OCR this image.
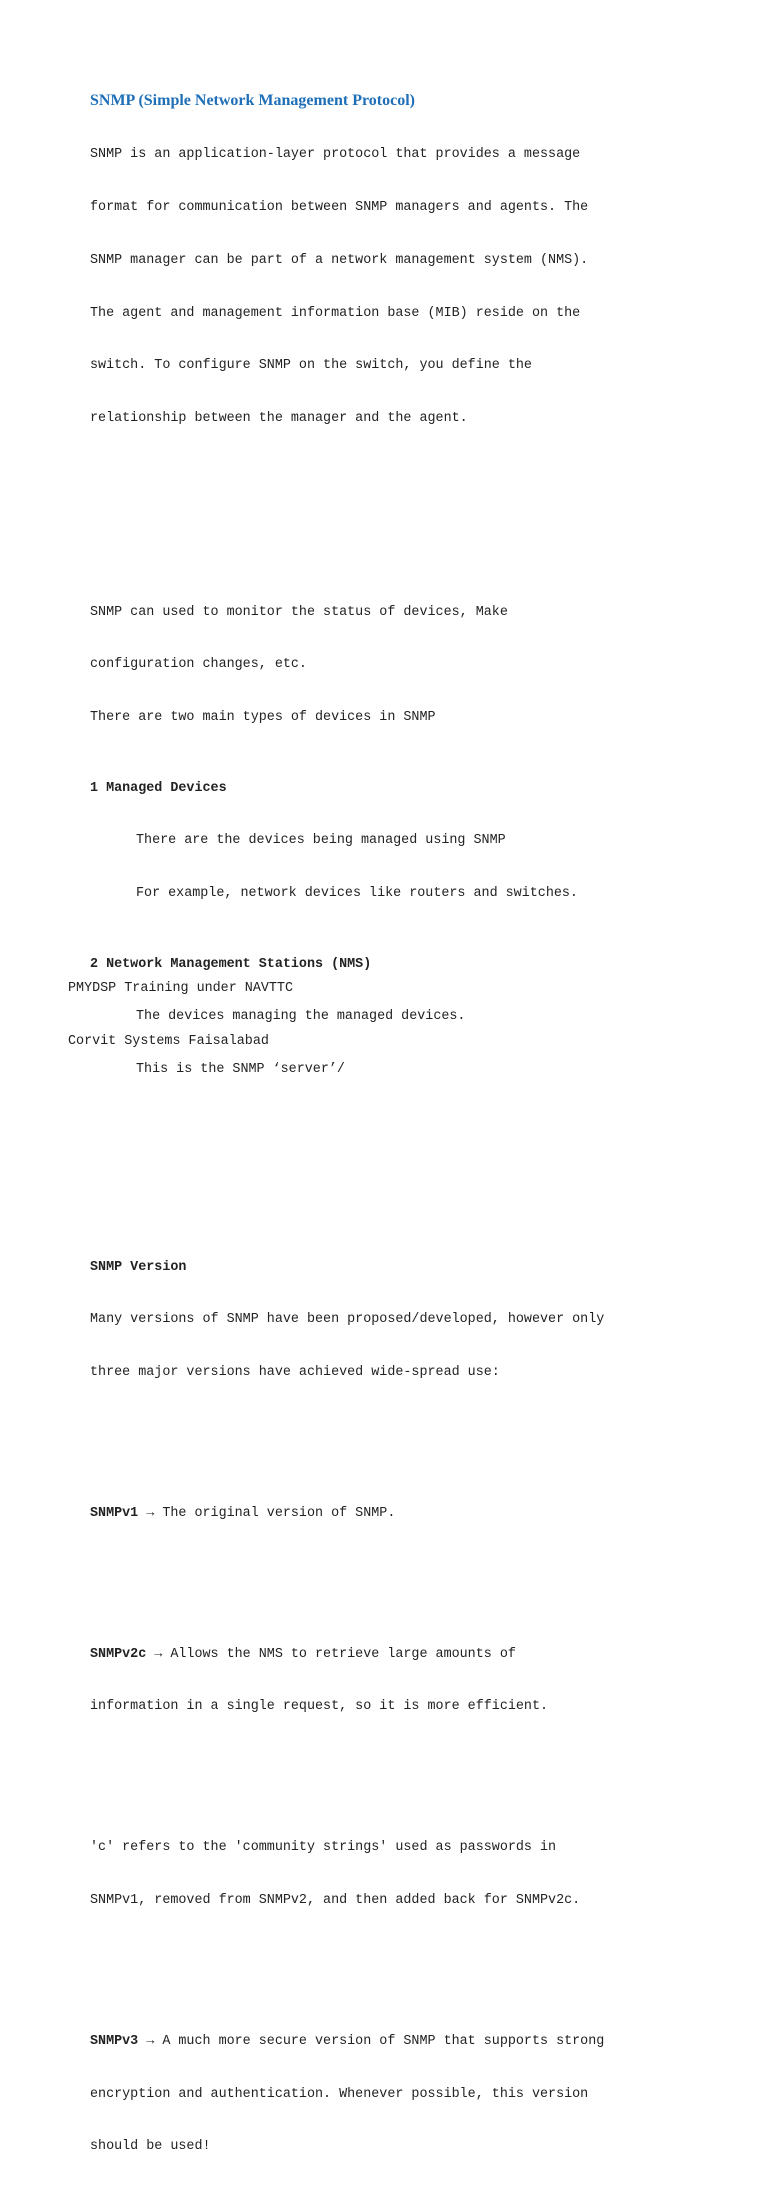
SNMP (Simple Network Management Protocol)

SNMP is an application-layer protocol that provides a message

format for communication between SNMP managers and agents. The

SNMP manager can be part of a network management system (NMS).

The agent and management information base (MIB) reside on the

switch. To configure SNMP on the switch, you define the

relationship between the manager and the agent.

SNMP can used to monitor the status of devices, Make

configuration changes, etc.

There are two main types of devices in SNMP

1 Managed Devices

There are the devices being managed using SNMP

For example, network devices like routers and switches.

2 Network Management Stations (NMS)

The devices managing the managed devices.

This is the SNMP ‘server’/

SNMP Version

Many versions of SNMP have been proposed/developed, however only

three major versions have achieved wide-spread use:

SNMPv1 → The original version of SNMP.

SNMPv2c → Allows the NMS to retrieve large amounts of

information in a single request, so it is more efficient.

'c' refers to the 'community strings' used as passwords in

SNMPv1, removed from SNMPv2, and then added back for SNMPv2c.

SNMPv3 → A much more secure version of SNMP that supports strong

encryption and authentication. Whenever possible, this version

should be used!

PMYDSP Training under NAVTTC

Corvit Systems Faisalabad
